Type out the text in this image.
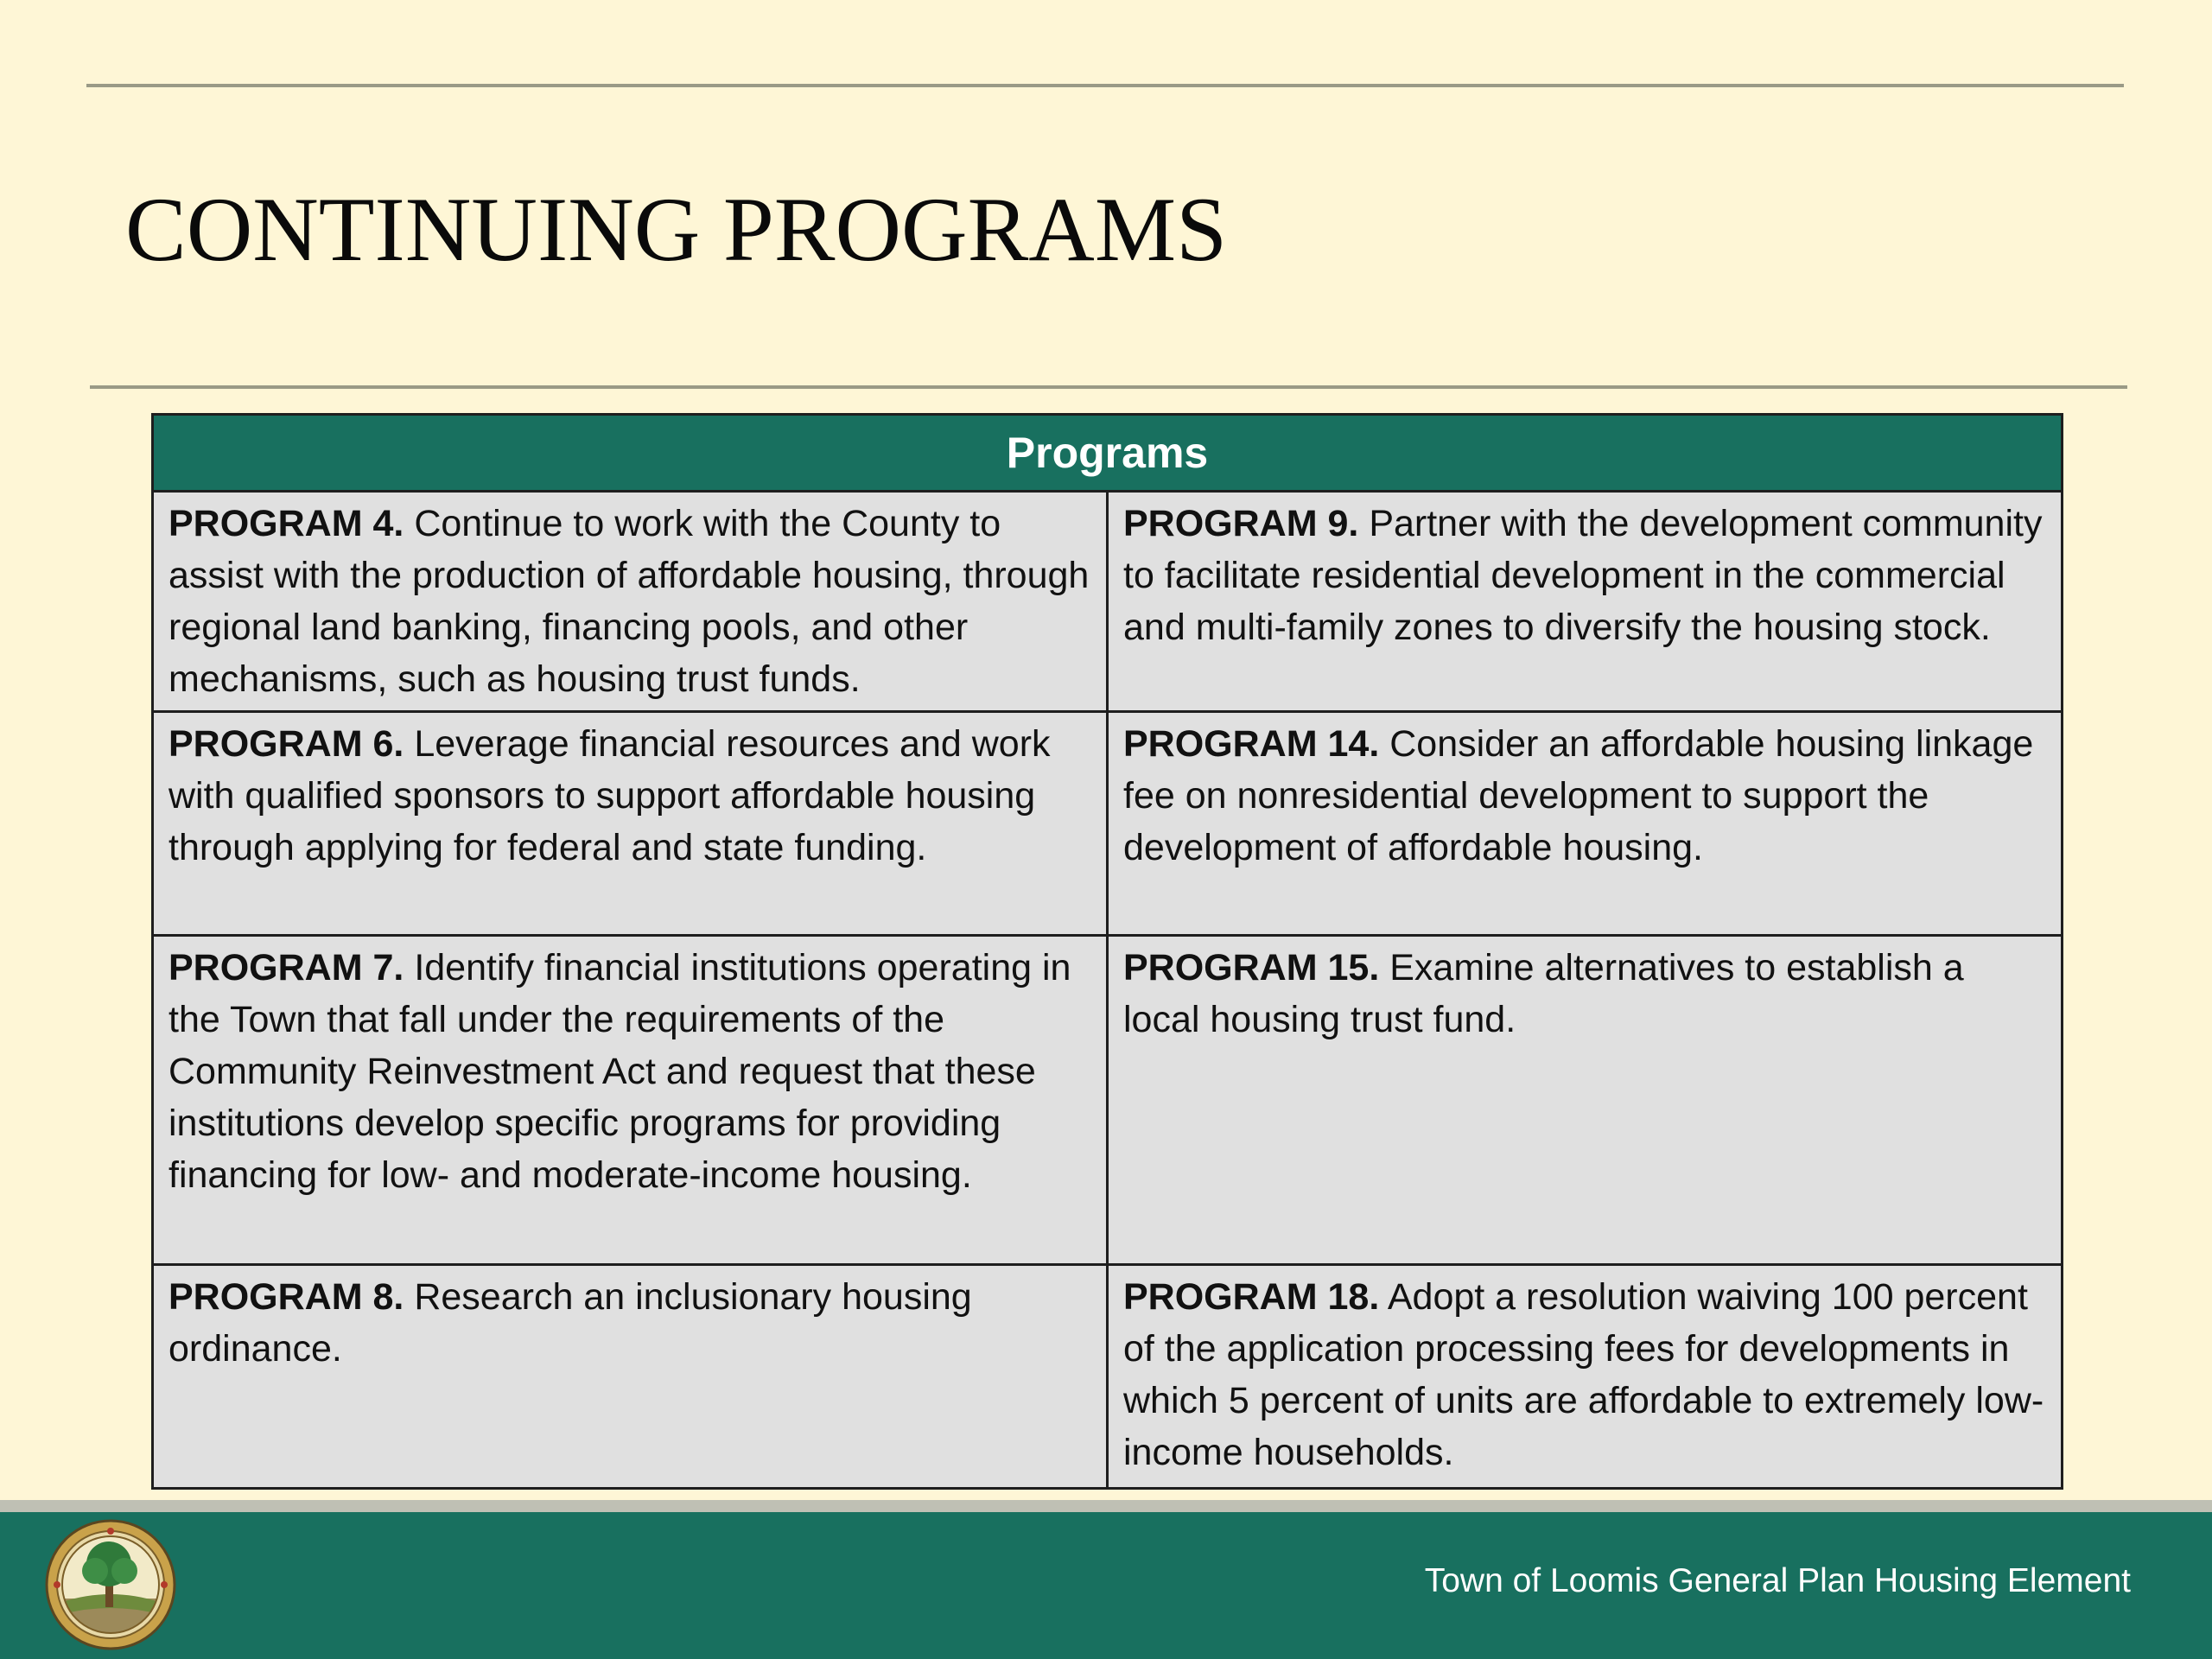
CONTINUING PROGRAMS
Programs	
PROGRAM 4. Continue to work with the County to assist with the production of affordable housing, through regional land banking, financing pools, and other mechanisms, such as housing trust funds.	PROGRAM 9. Partner with the development community to facilitate residential development in the commercial and multi-family zones to diversify the housing stock.
PROGRAM 6. Leverage financial resources and work with qualified sponsors to support affordable housing through applying for federal and state funding.	PROGRAM 14. Consider an affordable housing linkage fee on nonresidential development to support the development of affordable housing.
PROGRAM 7. Identify financial institutions operating in the Town that fall under the requirements of the Community Reinvestment Act and request that these institutions develop specific programs for providing financing for low- and moderate-income housing.	PROGRAM 15. Examine alternatives to establish a local housing trust fund.
PROGRAM 8. Research an inclusionary housing ordinance.	PROGRAM 18. Adopt a resolution waiving 100 percent of the application processing fees for developments in which 5 percent of units are affordable to extremely low-income households.
Town of Loomis General Plan Housing Element
